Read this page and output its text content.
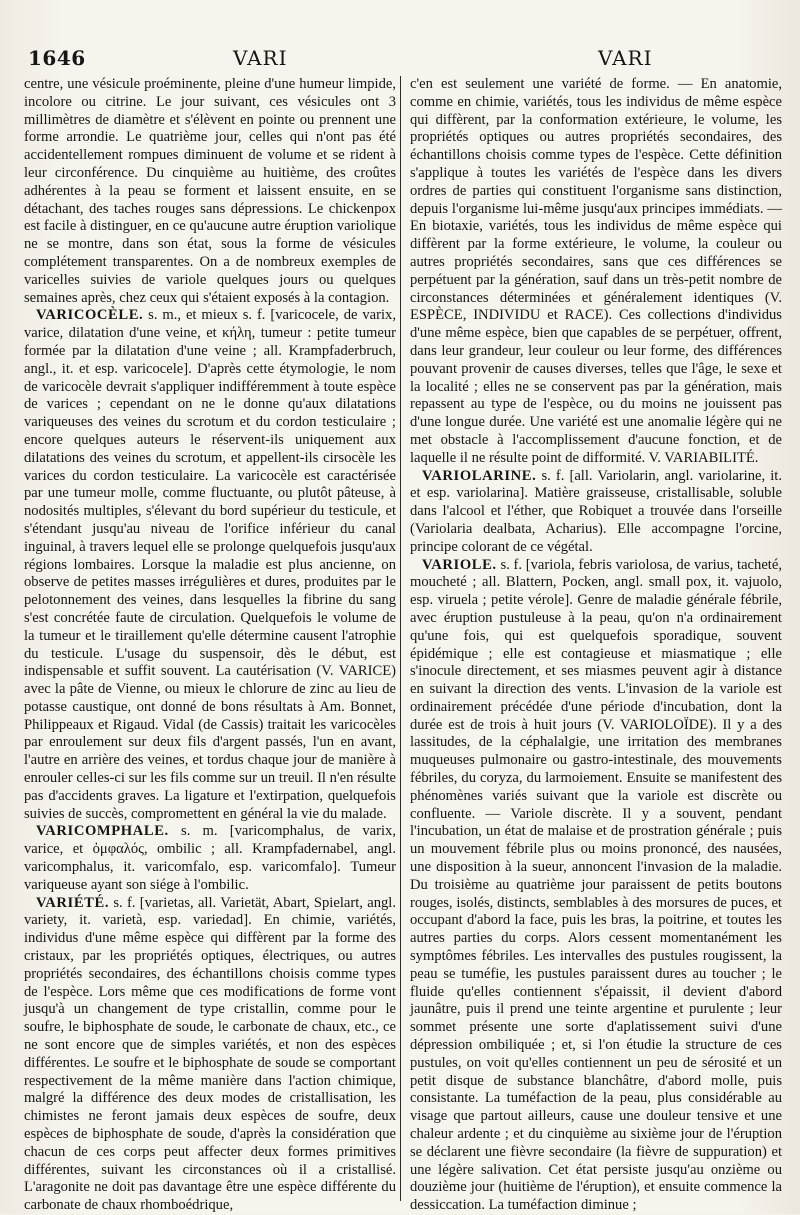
1646	VARI	VARI

centre, une vésicule proéminente, pleine d'une humeur limpide, incolore ou citrine. Le jour suivant, ces vésicules ont 3 millimètres de diamètre et s'élèvent en pointe ou prennent une forme arrondie. Le quatrième jour, celles qui n'ont pas été accidentellement rompues diminuent de volume et se rident à leur circonférence. Du cinquième au huitième, des croûtes adhérentes à la peau se forment et laissent ensuite, en se détachant, des taches rouges sans dépressions. Le chickenpox est facile à distinguer, en ce qu'aucune autre éruption variolique ne se montre, dans son état, sous la forme de vésicules complétement transparentes. On a de nombreux exemples de varicelles suivies de variole quelques jours ou quelques semaines après, chez ceux qui s'étaient exposés à la contagion.

VARICOCÈLE. s. m., et mieux s. f. [varicocele, de varix, varice, dilatation d'une veine, et κήλη, tumeur : petite tumeur formée par la dilatation d'une veine ; all. Krampfaderbruch, angl., it. et esp. varicocele]. D'après cette étymologie, le nom de varicocèle devrait s'appliquer indifféremment à toute espèce de varices ; cependant on ne le donne qu'aux dilatations variqueuses des veines du scrotum et du cordon testiculaire ; encore quelques auteurs le réservent-ils uniquement aux dilatations des veines du scrotum, et appellent-ils cirsocèle les varices du cordon testiculaire. La varicocèle est caractérisée par une tumeur molle, comme fluctuante, ou plutôt pâteuse, à nodosités multiples, s'élevant du bord supérieur du testicule, et s'étendant jusqu'au niveau de l'orifice inférieur du canal inguinal, à travers lequel elle se prolonge quelquefois jusqu'aux régions lombaires. Lorsque la maladie est plus ancienne, on observe de petites masses irrégulières et dures, produites par le pelotonnement des veines, dans lesquelles la fibrine du sang s'est concrétée faute de circulation. Quelquefois le volume de la tumeur et le tiraillement qu'elle détermine causent l'atrophie du testicule. L'usage du suspensoir, dès le début, est indispensable et suffit souvent. La cautérisation (V. VARICE) avec la pâte de Vienne, ou mieux le chlorure de zinc au lieu de potasse caustique, ont donné de bons résultats à Am. Bonnet, Philippeaux et Rigaud. Vidal (de Cassis) traitait les varicocèles par enroulement sur deux fils d'argent passés, l'un en avant, l'autre en arrière des veines, et tordus chaque jour de manière à enrouler celles-ci sur les fils comme sur un treuil. Il n'en résulte pas d'accidents graves. La ligature et l'extirpation, quelquefois suivies de succès, compromettent en général la vie du malade.

VARICOMPHALE. s. m. [varicomphalus, de varix, varice, et ὀμφαλός, ombilic ; all. Krampfadernabel, angl. varicomphalus, it. varicomfalo, esp. varicomfalo]. Tumeur variqueuse ayant son siége à l'ombilic.

VARIÉTÉ. s. f. [varietas, all. Varietät, Abart, Spielart, angl. variety, it. varietà, esp. variedad]. En chimie, variétés, individus d'une même espèce qui diffèrent par la forme des cristaux, par les propriétés optiques, électriques, ou autres propriétés secondaires, des échantillons choisis comme types de l'espèce. Lors même que ces modifications de forme vont jusqu'à un changement de type cristallin, comme pour le soufre, le biphosphate de soude, le carbonate de chaux, etc., ce ne sont encore que de simples variétés, et non des espèces différentes. Le soufre et le biphosphate de soude se comportant respectivement de la même manière dans l'action chimique, malgré la différence des deux modes de cristallisation, les chimistes ne feront jamais deux espèces de soufre, deux espèces de biphosphate de soude, d'après la considération que chacun de ces corps peut affecter deux formes primitives différentes, suivant les circonstances où il a cristallisé. L'aragonite ne doit pas davantage être une espèce différente du carbonate de chaux rhomboédrique,

c'en est seulement une variété de forme. — En anatomie, comme en chimie, variétés, tous les individus de même espèce qui diffèrent, par la conformation extérieure, le volume, les propriétés optiques ou autres propriétés secondaires, des échantillons choisis comme types de l'espèce. Cette définition s'applique à toutes les variétés de l'espèce dans les divers ordres de parties qui constituent l'organisme sans distinction, depuis l'organisme lui-même jusqu'aux principes immédiats. — En biotaxie, variétés, tous les individus de même espèce qui diffèrent par la forme extérieure, le volume, la couleur ou autres propriétés secondaires, sans que ces différences se perpétuent par la génération, sauf dans un très-petit nombre de circonstances déterminées et généralement identiques (V. ESPÈCE, INDIVIDU et RACE). Ces collections d'individus d'une même espèce, bien que capables de se perpétuer, offrent, dans leur grandeur, leur couleur ou leur forme, des différences pouvant provenir de causes diverses, telles que l'âge, le sexe et la localité ; elles ne se conservent pas par la génération, mais repassent au type de l'espèce, ou du moins ne jouissent pas d'une longue durée. Une variété est une anomalie légère qui ne met obstacle à l'accomplissement d'aucune fonction, et de laquelle il ne résulte point de difformité. V. VARIABILITÉ.

VARIOLARINE. s. f. [all. Variolarin, angl. variolarine, it. et esp. variolarina]. Matière graisseuse, cristallisable, soluble dans l'alcool et l'éther, que Robiquet a trouvée dans l'orseille (Variolaria dealbata, Acharius). Elle accompagne l'orcine, principe colorant de ce végétal.

VARIOLE. s. f. [variola, febris variolosa, de varius, tacheté, moucheté ; all. Blattern, Pocken, angl. small pox, it. vajuolo, esp. viruela ; petite vérole]. Genre de maladie générale fébrile, avec éruption pustuleuse à la peau, qu'on n'a ordinairement qu'une fois, qui est quelquefois sporadique, souvent épidémique ; elle est contagieuse et miasmatique ; elle s'inocule directement, et ses miasmes peuvent agir à distance en suivant la direction des vents. L'invasion de la variole est ordinairement précédée d'une période d'incubation, dont la durée est de trois à huit jours (V. VARIOLOÏDE). Il y a des lassitudes, de la céphalalgie, une irritation des membranes muqueuses pulmonaire ou gastro-intestinale, des mouvements fébriles, du coryza, du larmoiement. Ensuite se manifestent des phénomènes variés suivant que la variole est discrète ou confluente. — Variole discrète. Il y a souvent, pendant l'incubation, un état de malaise et de prostration générale ; puis un mouvement fébrile plus ou moins prononcé, des nausées, une disposition à la sueur, annoncent l'invasion de la maladie. Du troisième au quatrième jour paraissent de petits boutons rouges, isolés, distincts, semblables à des morsures de puces, et occupant d'abord la face, puis les bras, la poitrine, et toutes les autres parties du corps. Alors cessent momentanément les symptômes fébriles. Les intervalles des pustules rougissent, la peau se tuméfie, les pustules paraissent dures au toucher ; le fluide qu'elles contiennent s'épaissit, il devient d'abord jaunâtre, puis il prend une teinte argentine et purulente ; leur sommet présente une sorte d'aplatissement suivi d'une dépression ombiliquée ; et, si l'on étudie la structure de ces pustules, on voit qu'elles contiennent un peu de sérosité et un petit disque de substance blanchâtre, d'abord molle, puis consistante. La tuméfaction de la peau, plus considérable au visage que partout ailleurs, cause une douleur tensive et une chaleur ardente ; et du cinquième au sixième jour de l'éruption se déclarent une fièvre secondaire (la fièvre de suppuration) et une légère salivation. Cet état persiste jusqu'au onzième ou douzième jour (huitième de l'éruption), et ensuite commence la dessiccation. La tuméfaction diminue ;
